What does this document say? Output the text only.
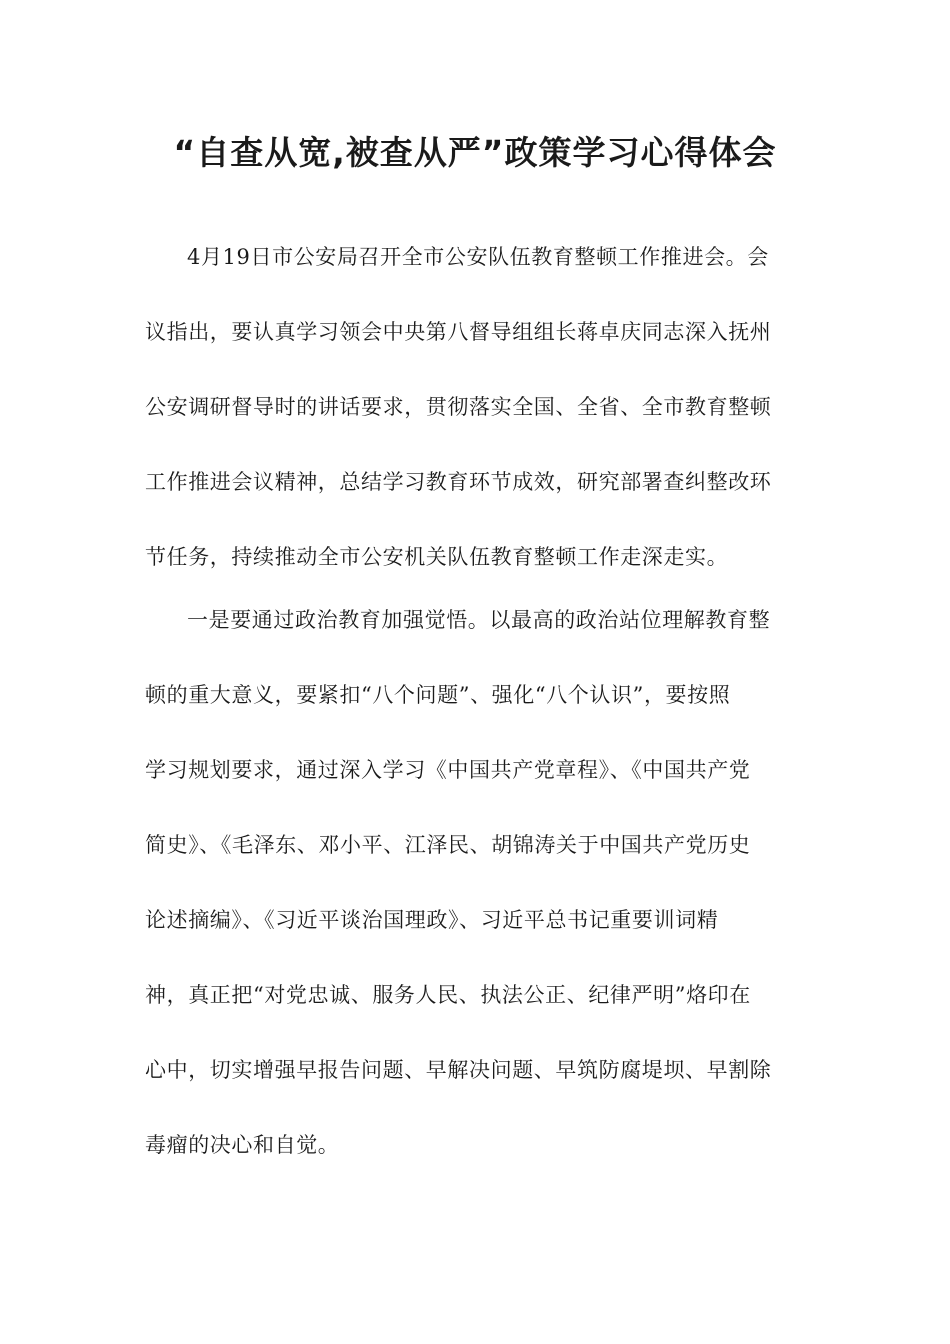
“自查从宽,被查从严”政策学习心得体会
4月19日市公安局召开全市公安队伍教育整顿工作推进会。会
议指出，要认真学习领会中央第八督导组组长蒋卓庆同志深入抚州
公安调研督导时的讲话要求，贯彻落实全国、全省、全市教育整顿
工作推进会议精神，总结学习教育环节成效，研究部署查纠整改环
节任务，持续推动全市公安机关队伍教育整顿工作走深走实。
一是要通过政治教育加强觉悟。以最高的政治站位理解教育整
顿的重大意义，要紧扣“八个问题”、强化“八个认识”，要按照
学习规划要求，通过深入学习《中国共产党章程》、《中国共产党
简史》、《毛泽东、邓小平、江泽民、胡锦涛关于中国共产党历史
论述摘编》、《习近平谈治国理政》、习近平总书记重要训词精
神，真正把“对党忠诚、服务人民、执法公正、纪律严明”烙印在
心中，切实增强早报告问题、早解决问题、早筑防腐堤坝、早割除
毒瘤的决心和自觉。
